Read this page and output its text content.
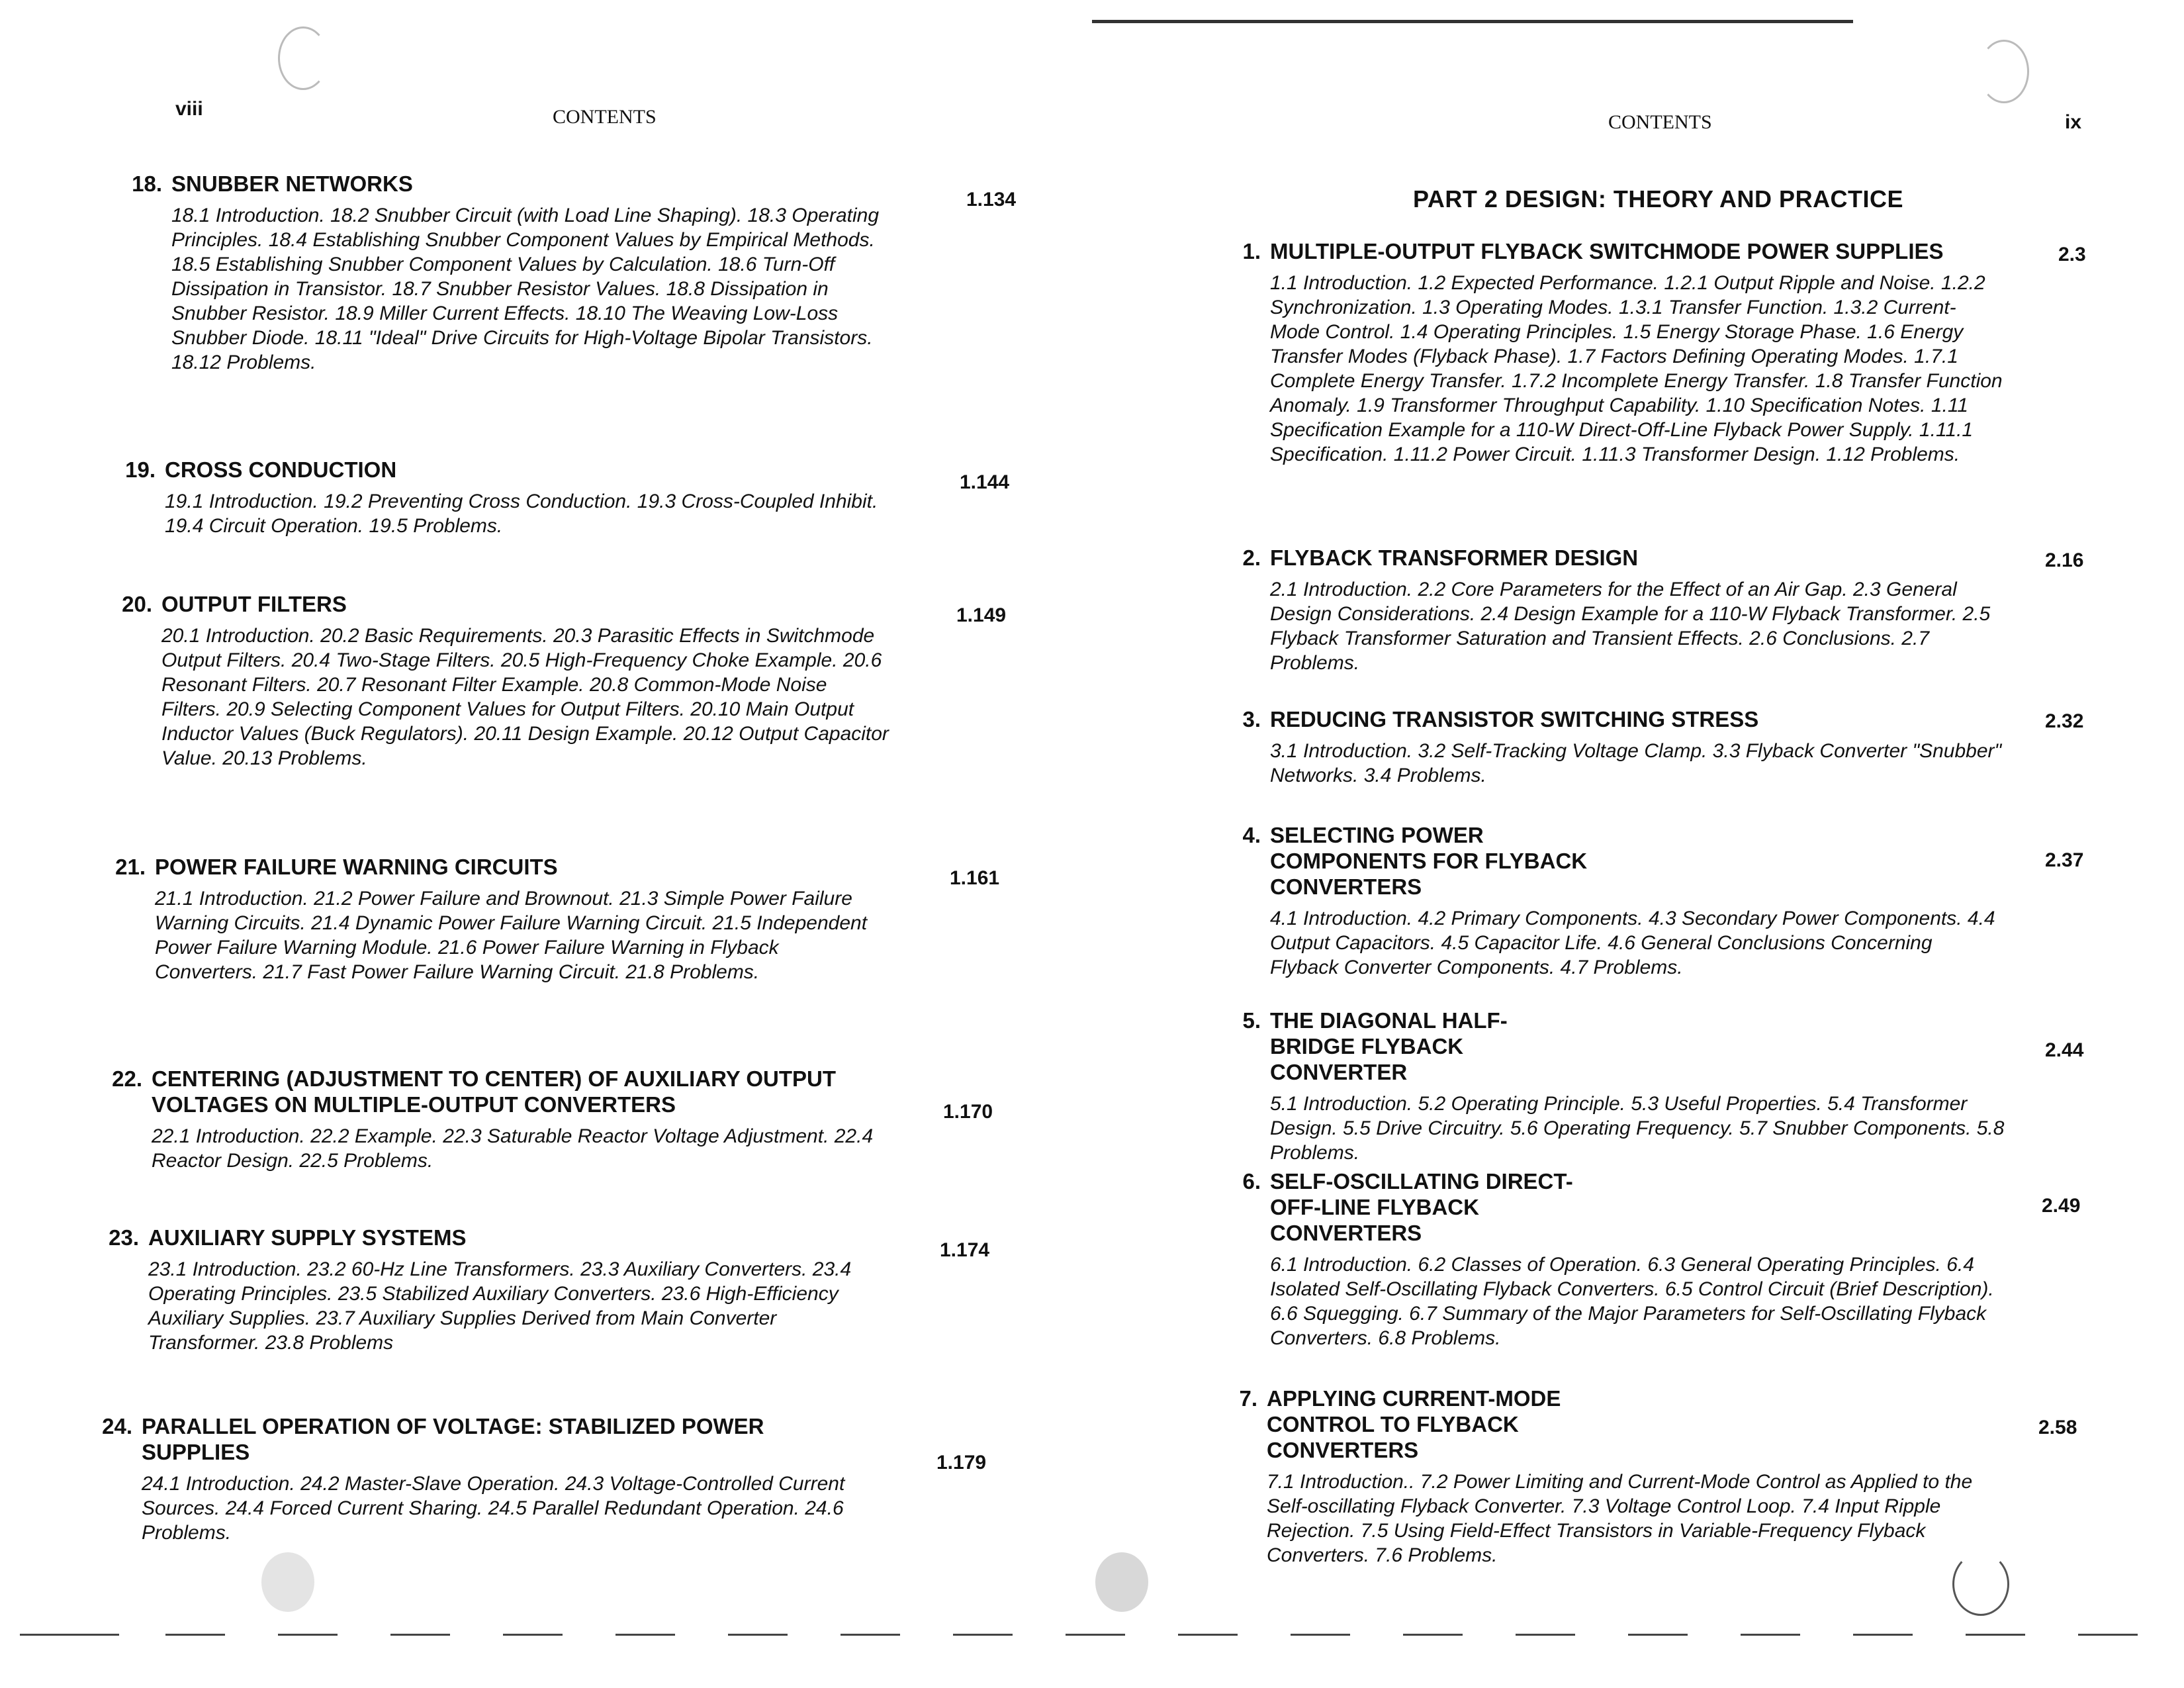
viii	CONTENTS
18. SNUBBER NETWORKS
18.1 Introduction. 18.2 Snubber Circuit (with Load Line Shaping). 18.3 Operating Principles. 18.4 Establishing Snubber Component Values by Empirical Methods. 18.5 Establishing Snubber Component Values by Calculation. 18.6 Turn-Off Dissipation in Transistor. 18.7 Snubber Resistor Values. 18.8 Dissipation in Snubber Resistor. 18.9 Miller Current Effects. 18.10 The Weaving Low-Loss Snubber Diode. 18.11 "Ideal" Drive Circuits for High-Voltage Bipolar Transistors. 18.12 Problems.
1.134
19. CROSS CONDUCTION
19.1 Introduction. 19.2 Preventing Cross Conduction. 19.3 Cross-Coupled Inhibit. 19.4 Circuit Operation. 19.5 Problems.
1.144
20. OUTPUT FILTERS
20.1 Introduction. 20.2 Basic Requirements. 20.3 Parasitic Effects in Switchmode Output Filters. 20.4 Two-Stage Filters. 20.5 High-Frequency Choke Example. 20.6 Resonant Filters. 20.7 Resonant Filter Example. 20.8 Common-Mode Noise Filters. 20.9 Selecting Component Values for Output Filters. 20.10 Main Output Inductor Values (Buck Regulators). 20.11 Design Example. 20.12 Output Capacitor Value. 20.13 Problems.
1.149
21. POWER FAILURE WARNING CIRCUITS
21.1 Introduction. 21.2 Power Failure and Brownout. 21.3 Simple Power Failure Warning Circuits. 21.4 Dynamic Power Failure Warning Circuit. 21.5 Independent Power Failure Warning Module. 21.6 Power Failure Warning in Flyback Converters. 21.7 Fast Power Failure Warning Circuit. 21.8 Problems.
1.161
22. CENTERING (ADJUSTMENT TO CENTER) OF AUXILIARY OUTPUT VOLTAGES ON MULTIPLE-OUTPUT CONVERTERS
22.1 Introduction. 22.2 Example. 22.3 Saturable Reactor Voltage Adjustment. 22.4 Reactor Design. 22.5 Problems.
1.170
23. AUXILIARY SUPPLY SYSTEMS
23.1 Introduction. 23.2 60-Hz Line Transformers. 23.3 Auxiliary Converters. 23.4 Operating Principles. 23.5 Stabilized Auxiliary Converters. 23.6 High-Efficiency Auxiliary Supplies. 23.7 Auxiliary Supplies Derived from Main Converter Transformer. 23.8 Problems
1.174
24. PARALLEL OPERATION OF VOLTAGE: STABILIZED POWER SUPPLIES
24.1 Introduction. 24.2 Master-Slave Operation. 24.3 Voltage-Controlled Current Sources. 24.4 Forced Current Sharing. 24.5 Parallel Redundant Operation. 24.6 Problems.
1.179
CONTENTS	ix
PART 2 DESIGN: THEORY AND PRACTICE
1. MULTIPLE-OUTPUT FLYBACK SWITCHMODE POWER SUPPLIES
1.1 Introduction. 1.2 Expected Performance. 1.2.1 Output Ripple and Noise. 1.2.2 Synchronization. 1.3 Operating Modes. 1.3.1 Transfer Function. 1.3.2 Current-Mode Control. 1.4 Operating Principles. 1.5 Energy Storage Phase. 1.6 Energy Transfer Modes (Flyback Phase). 1.7 Factors Defining Operating Modes. 1.7.1 Complete Energy Transfer. 1.7.2 Incomplete Energy Transfer. 1.8 Transfer Function Anomaly. 1.9 Transformer Throughput Capability. 1.10 Specification Notes. 1.11 Specification Example for a 110-W Direct-Off-Line Flyback Power Supply. 1.11.1 Specification. 1.11.2 Power Circuit. 1.11.3 Transformer Design. 1.12 Problems.
2.3
2. FLYBACK TRANSFORMER DESIGN
2.1 Introduction. 2.2 Core Parameters for the Effect of an Air Gap. 2.3 General Design Considerations. 2.4 Design Example for a 110-W Flyback Transformer. 2.5 Flyback Transformer Saturation and Transient Effects. 2.6 Conclusions. 2.7 Problems.
2.16
3. REDUCING TRANSISTOR SWITCHING STRESS
3.1 Introduction. 3.2 Self-Tracking Voltage Clamp. 3.3 Flyback Converter "Snubber" Networks. 3.4 Problems.
2.32
4. SELECTING POWER COMPONENTS FOR FLYBACK CONVERTERS
4.1 Introduction. 4.2 Primary Components. 4.3 Secondary Power Components. 4.4 Output Capacitors. 4.5 Capacitor Life. 4.6 General Conclusions Concerning Flyback Converter Components. 4.7 Problems.
2.37
5. THE DIAGONAL HALF-BRIDGE FLYBACK CONVERTER
5.1 Introduction. 5.2 Operating Principle. 5.3 Useful Properties. 5.4 Transformer Design. 5.5 Drive Circuitry. 5.6 Operating Frequency. 5.7 Snubber Components. 5.8 Problems.
2.44
6. SELF-OSCILLATING DIRECT-OFF-LINE FLYBACK CONVERTERS
6.1 Introduction. 6.2 Classes of Operation. 6.3 General Operating Principles. 6.4 Isolated Self-Oscillating Flyback Converters. 6.5 Control Circuit (Brief Description). 6.6 Squegging. 6.7 Summary of the Major Parameters for Self-Oscillating Flyback Converters. 6.8 Problems.
2.49
7. APPLYING CURRENT-MODE CONTROL TO FLYBACK CONVERTERS
7.1 Introduction.. 7.2 Power Limiting and Current-Mode Control as Applied to the Self-oscillating Flyback Converter. 7.3 Voltage Control Loop. 7.4 Input Ripple Rejection. 7.5 Using Field-Effect Transistors in Variable-Frequency Flyback Converters. 7.6 Problems.
2.58
